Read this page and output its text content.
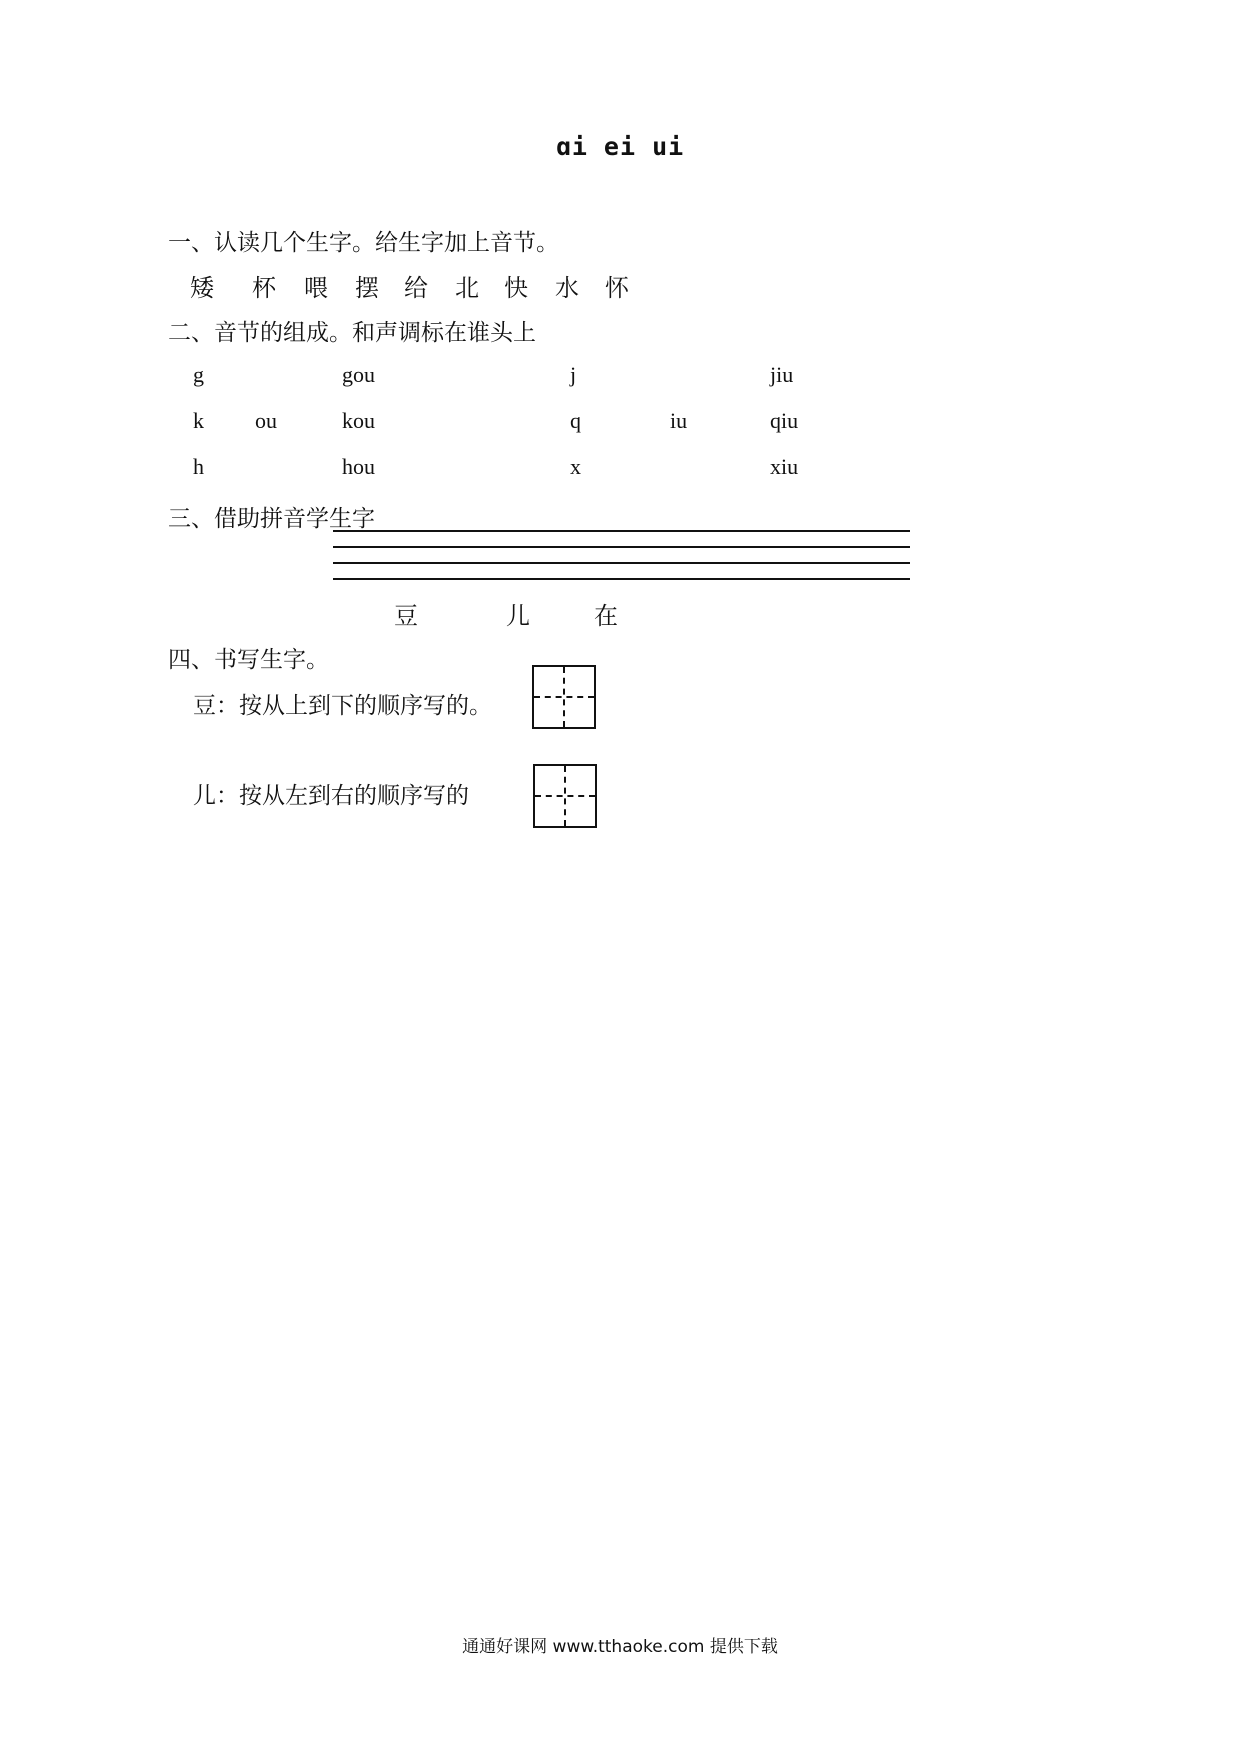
ɑi ei ui
一、认读几个生字。给生字加上音节。
矮 杯 喂 摆 给 北 快 水 怀
二、音节的组成。和声调标在谁头上
g
k
h
ou
gou
kou
hou
j
q
x
iu
jiu
qiu
xiu
三、借助拼音学生字
豆	儿	在
四、书写生字。
豆：按从上到下的顺序写的。
儿：按从左到右的顺序写的
通通好课网 www.tthaoke.com 提供下载
